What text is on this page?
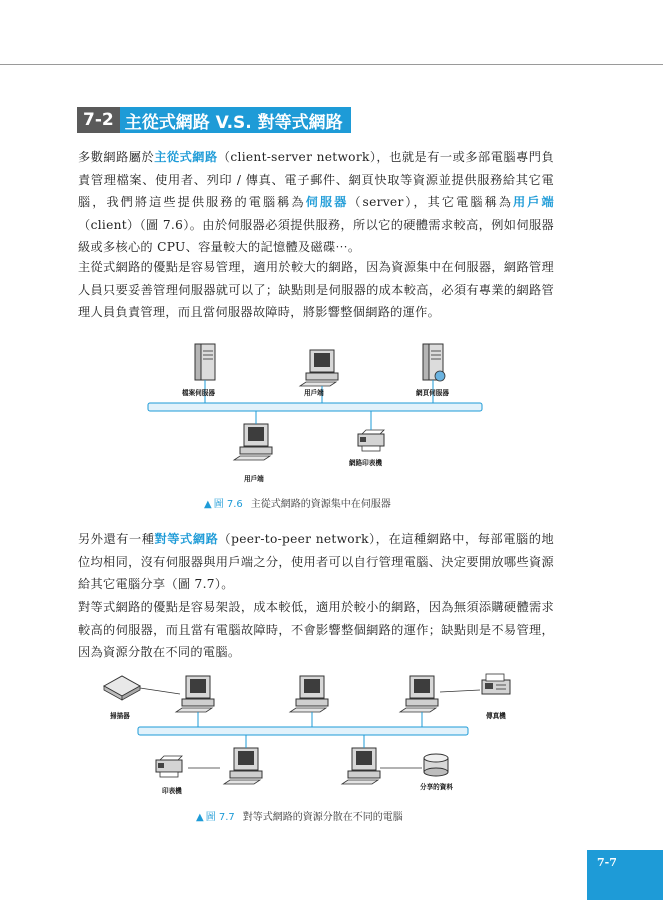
7-2 主從式網路 V.S. 對等式網路
多數網路屬於主從式網路（client-server network），也就是有一或多部電腦專門負責管理檔案、使用者、列印 / 傳真、電子郵件、網頁快取等資源並提供服務給其它電腦，我們將這些提供服務的電腦稱為伺服器（server），其它電腦稱為用戶端（client）（圖 7.6）。由於伺服器必須提供服務，所以它的硬體需求較高，例如伺服器級或多核心的 CPU、容量較大的記憶體及磁碟⋯。
主從式網路的優點是容易管理，適用於較大的網路，因為資源集中在伺服器，網路管理人員只要妥善管理伺服器就可以了；缺點則是伺服器的成本較高，必須有專業的網路管理人員負責管理，而且當伺服器故障時，將影響整個網路的運作。
檔案伺服器	用戶端	網頁伺服器
用戶端
網路印表機
▲ 圖 7.6 主從式網路的資源集中在伺服器
另外還有一種對等式網路（peer-to-peer network），在這種網路中，每部電腦的地位均相同，沒有伺服器與用戶端之分，使用者可以自行管理電腦、決定要開放哪些資源給其它電腦分享（圖 7.7）。
對等式網路的優點是容易架設，成本較低，適用於較小的網路，因為無須添購硬體需求較高的伺服器，而且當有電腦故障時，不會影響整個網路的運作；缺點則是不易管理，因為資源分散在不同的電腦。
掃描器	傳真機
印表機	分享的資料
▲ 圖 7.7 對等式網路的資源分散在不同的電腦
7-7
